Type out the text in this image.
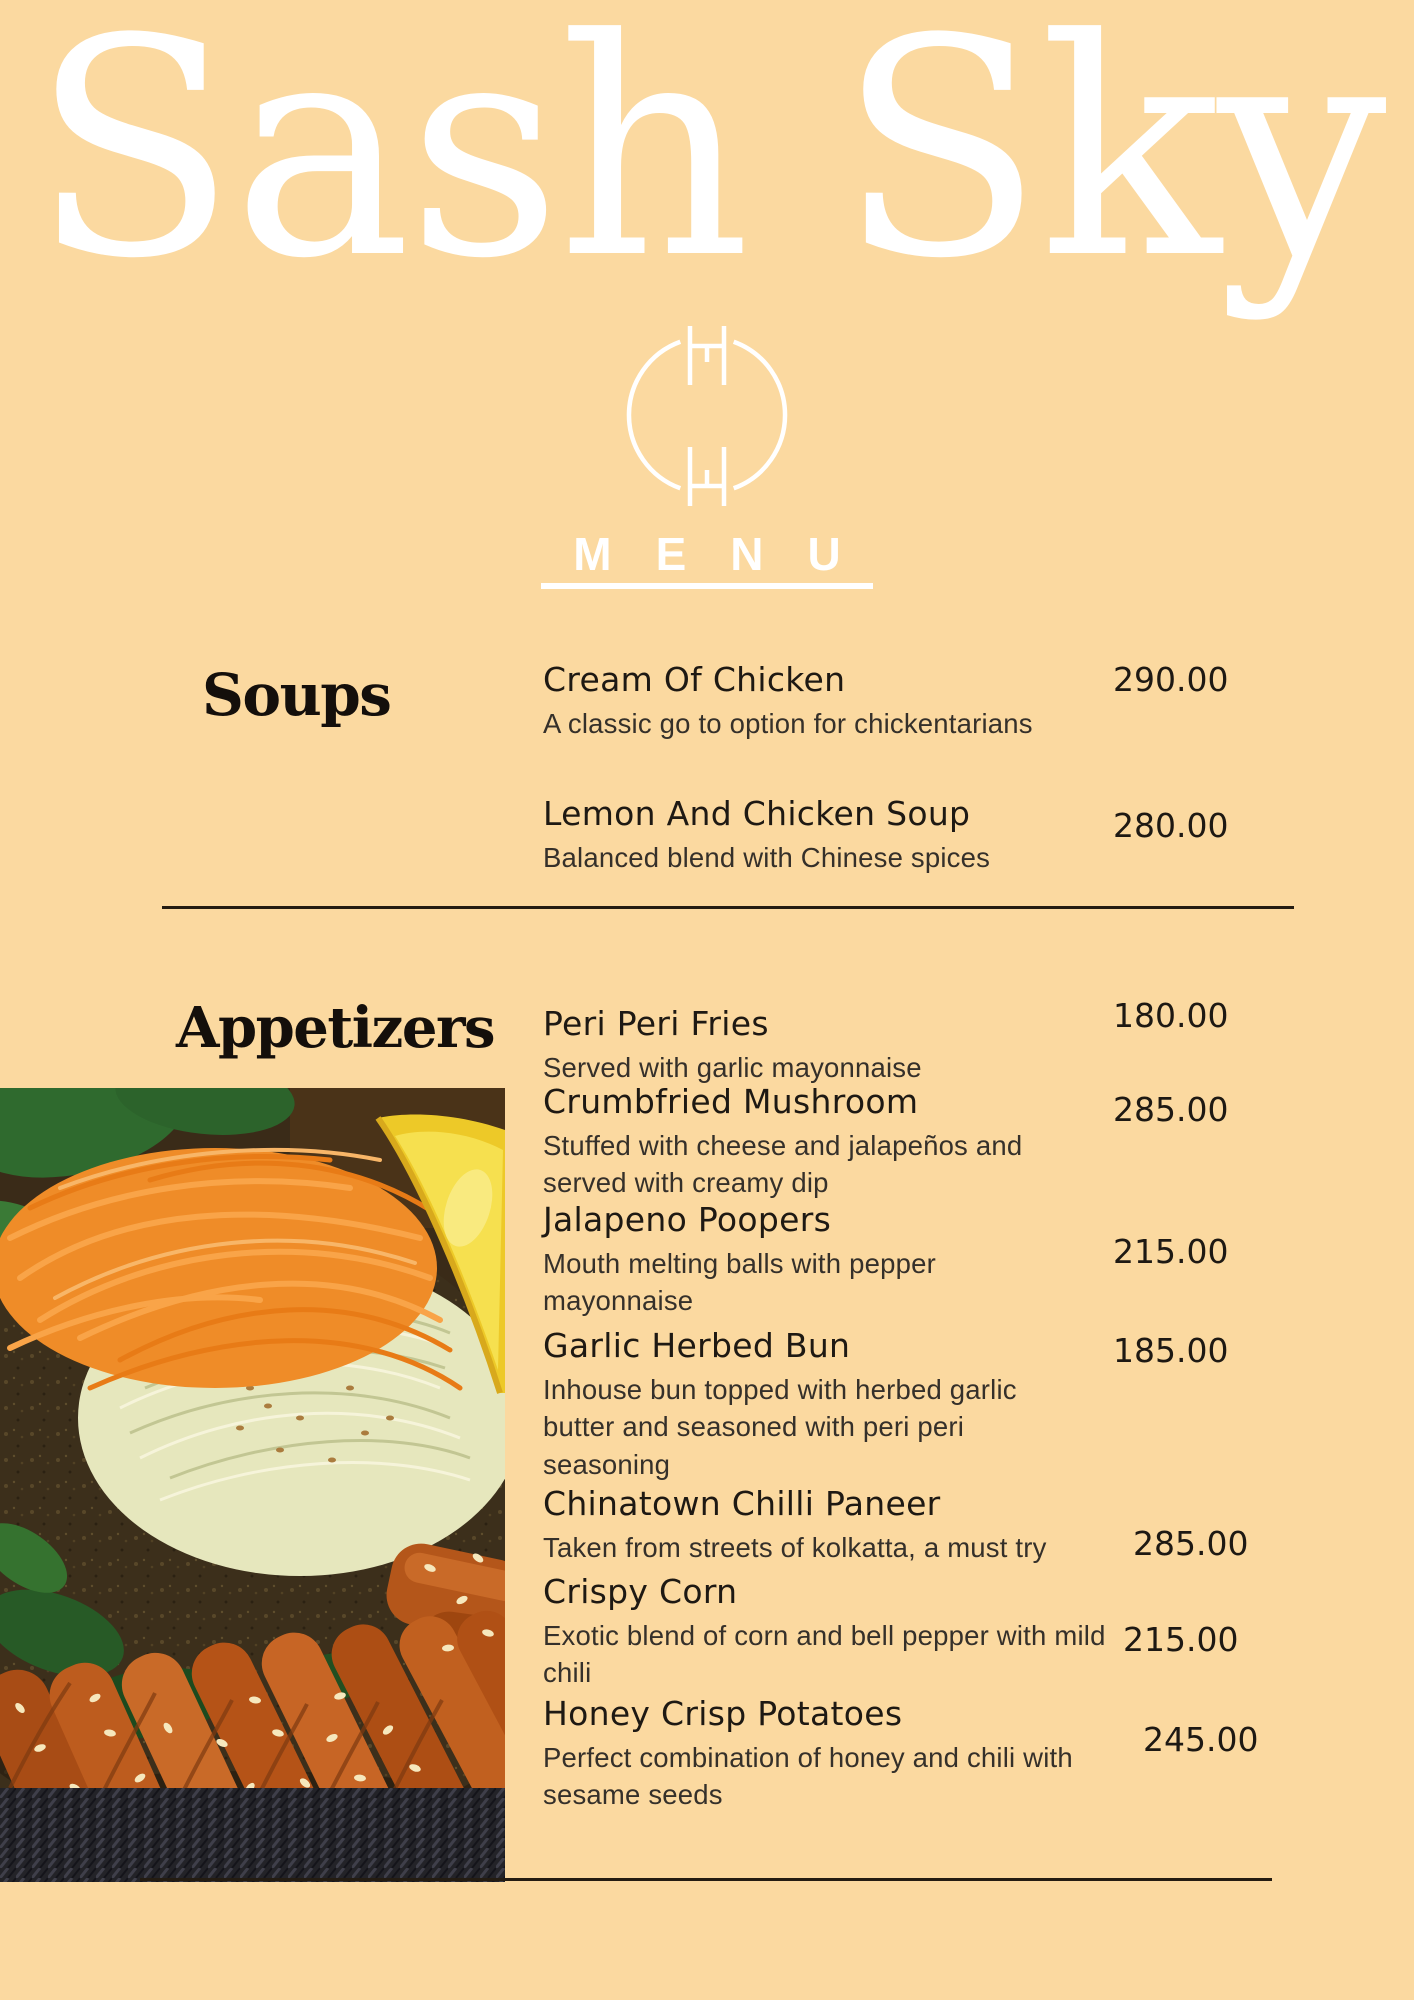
Sash Sky
MENU
Soups	Cream Of Chicken
A classic go to option for chickentarians
290.00
Lemon And Chicken Soup
Balanced blend with Chinese spices
280.00
Appetizers Peri Peri Fries
Served with garlic mayonnaise
180.00
Crumbfried Mushroom
Stuffed with cheese and jalapeños and served with creamy dip
285.00
Jalapeno Poopers
Mouth melting balls with pepper mayonnaise
215.00
Garlic Herbed Bun
Inhouse bun topped with herbed garlic butter and seasoned with peri peri seasoning
185.00
Chinatown Chilli Paneer
Taken from streets of kolkatta, a must try	285.00
Crispy Corn
Exotic blend of corn and bell pepper with mild chili
215.00
Honey Crisp Potatoes
Perfect combination of honey and chili with sesame seeds
245.00
